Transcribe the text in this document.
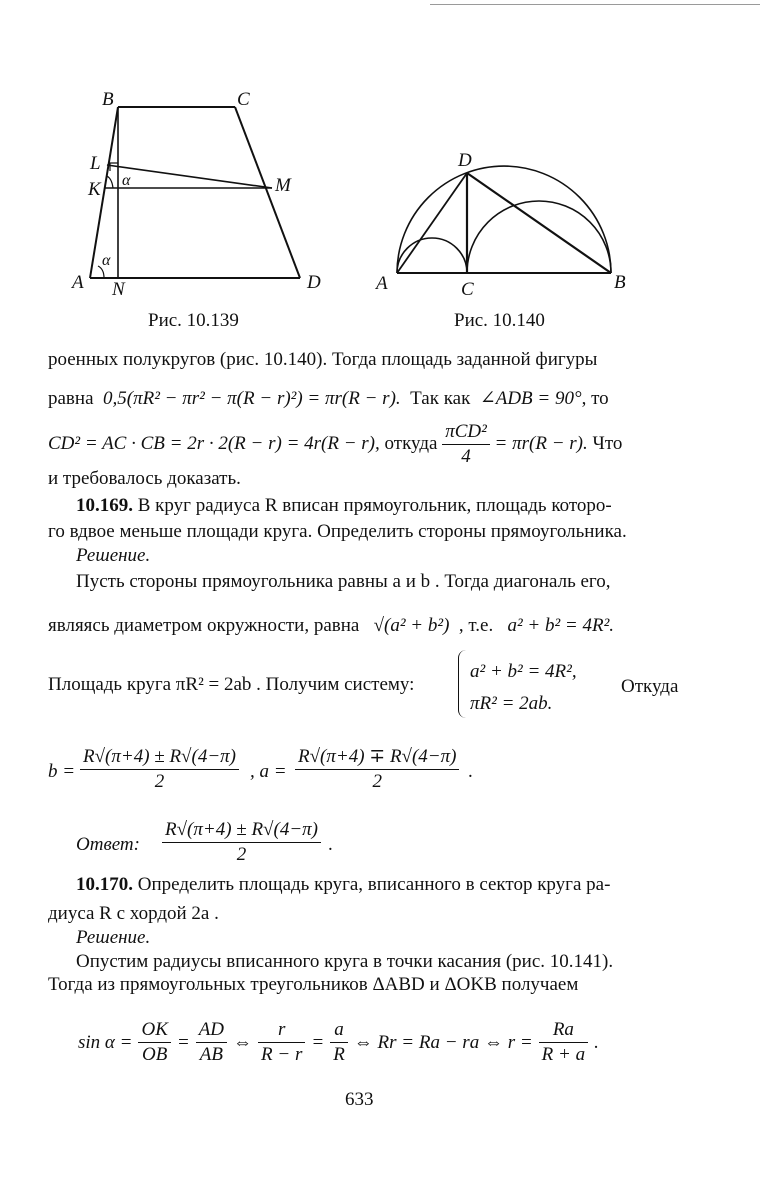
B	C
L
K	M
A N	D
α
α
Рис. 10.139
D
A	C	B
Рис. 10.140
роенных полукругов (рис. 10.140). Тогда площадь заданной фигуры
равна 0,5(πR² − πr² − π(R − r)²) = πr(R − r). Так как ∠ADB = 90°, то
CD² = AC · CB = 2r · 2(R − r) = 4r(R − r), откуда $\frac{\text{πCD²}}{4} = \pi r(R - r)$. Что
и требовалось доказать.
10.169. В круг радиуса R вписан прямоугольник, площадь которо-
го вдвое меньше площади круга. Определить стороны прямоугольника.
Решение.
Пусть стороны прямоугольника равны a и b . Тогда диагональ его,
являясь диаметром окружности, равна √(a² + b²) , т.е. a² + b² = 4R².
Площадь круга πR² = 2ab . Получим систему:
a² + b² = 4R²,
πR² = 2ab.
Откуда
$b = \frac{R√(\pi+4) \pm R√(4-\pi)}{2}$ , $a = \frac{R√(\pi+4) \mp R√(4-\pi)}{2}$ .
Ответ: $\frac{R√(\pi+4) \pm R√(4-\pi)}{2}$ .
10.170. Определить площадь круга, вписанного в сектор круга ра-
диуса R с хордой 2a .
Решение.
Опустим радиусы вписанного круга в точки касания (рис. 10.141).
Тогда из прямоугольных треугольников ΔABD и ΔOKB получаем
$\sin \alpha = \frac{OK}{OB} = \frac{AD}{AB}$ ⇔ $\frac{r}{R - r} = \frac{a}{R}$ ⇔ Rr = Ra − ra ⇔ $r = \frac{Ra}{R + a}$ .
633
